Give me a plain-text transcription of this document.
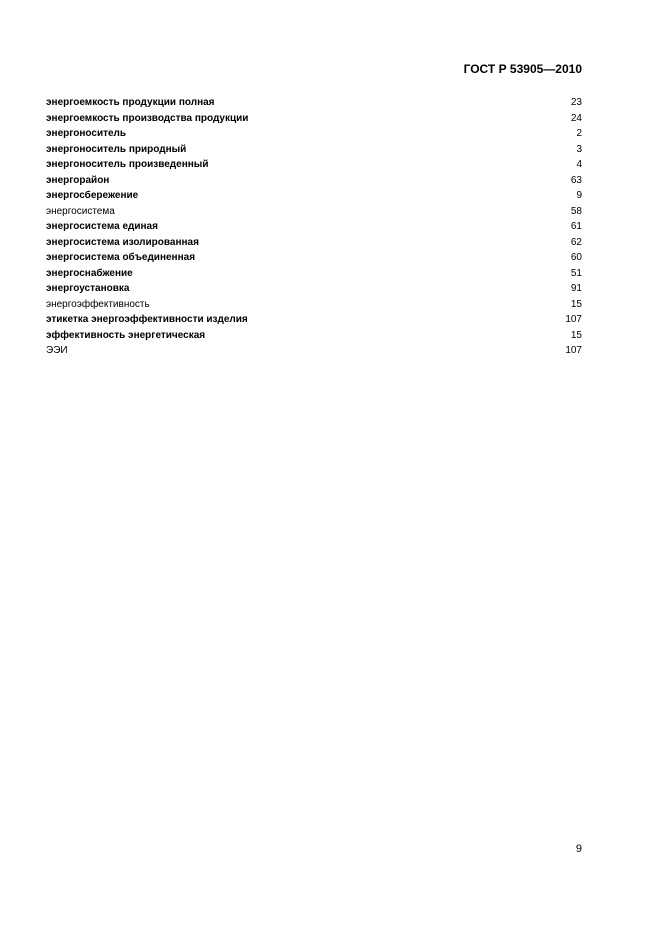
ГОСТ Р 53905—2010
энергоемкость продукции полная	23
энергоемкость производства продукции	24
энергоноситель	2
энергоноситель природный	3
энергоноситель произведенный	4
энергорайон	63
энергосбережение	9
энергосистема	58
энергосистема единая	61
энергосистема изолированная	62
энергосистема объединенная	60
энергоснабжение	51
энергоустановка	91
энергоэффективность	15
этикетка энергоэффективности изделия	107
эффективность энергетическая	15
ЭЭИ	107
9
